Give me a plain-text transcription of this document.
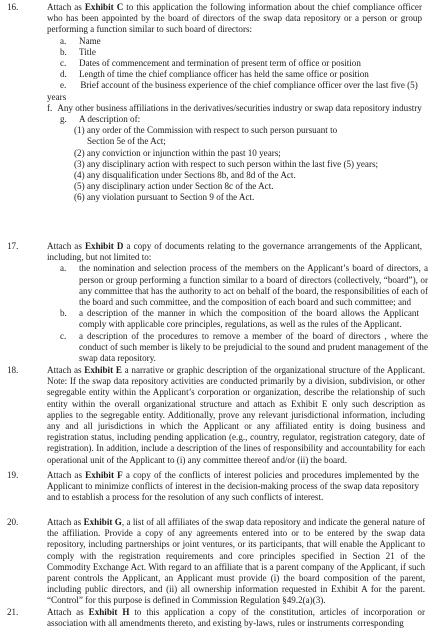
16.	Attach as Exhibit C to this application the following information about the chief compliance officer who has been appointed by the board of directors of the swap data repository or a person or group performing a function similar to such board of directors:

a. Name
b. Title
c. Dates of commencement and termination of present term of office or position
d. Length of time the chief compliance officer has held the same office or position
e. Brief account of the business experience of the chief compliance officer over the last five (5) years
f. Any other business affiliations in the derivatives/securities industry or swap data repository industry
g. A description of:
(1) any order of the Commission with respect to such person pursuant to Section 5e of the Act;
(2) any conviction or injunction within the past 10 years;
(3) any disciplinary action with respect to such person within the last five (5) years;
(4) any disqualification under Sections 8b, and 8d of the Act.
(5) any disciplinary action under Section 8c of the Act.
(6) any violation pursuant to Section 9 of the Act.
17.	Attach as Exhibit D a copy of documents relating to the governance arrangements of the Applicant, including, but not limited to:

a. the nomination and selection process of the members on the Applicant’s board of directors, a person or group performing a function similar to a board of directors (collectively, “board”), or any committee that has the authority to act on behalf of the board, the responsibilities of each of the board and such committee, and the composition of each board and such committee; and
b. a description of the manner in which the composition of the board allows the Applicant comply with applicable core principles, regulations, as well as the rules of the Applicant.
c. a description of the procedures to remove a member of the board of directors , where the conduct of such member is likely to be prejudicial to the sound and prudent management of the swap data repository.
18.	Attach as Exhibit E a narrative or graphic description of the organizational structure of the Applicant. Note: If the swap data repository activities are conducted primarily by a division, subdivision, or other segregable entity within the Applicant’s corporation or organization, describe the relationship of such entity within the overall organizational structure and attach as Exhibit E only such description as applies to the segregable entity. Additionally, prove any relevant jurisdictional information, including any and all jurisdictions in which the Applicant or any affiliated entity is doing business and registration status, including pending application (e.g., country, regulator, registration category, date of registration). In addition, include a description of the lines of responsibility and accountability for each operational unit of the Applicant to (i) any committee thereof and/or (ii) the board.

19.	Attach as Exhibit F a copy of the conflicts of interest policies and procedures implemented by the Applicant to minimize conflicts of interest in the decision-making process of the swap data repository and to establish a process for the resolution of any such conflicts of interest.

20.	Attach as Exhibit G, a list of all affiliates of the swap data repository and indicate the general nature of the affiliation. Provide a copy of any agreements entered into or to be entered by the swap data repository, including partnerships or joint ventures, or its participants, that will enable the Applicant to comply with the registration requirements and core principles specified in Section 21 of the Commodity Exchange Act. With regard to an affiliate that is a parent company of the Applicant, if such parent controls the Applicant, an Applicant must provide (i) the board composition of the parent, including public directors, and (ii) all ownership information requested in Exhibit A for the parent. “Control” for this purpose is defined in Commission Regulation §49.2(a)(3).

21.	Attach as Exhibit H to this application a copy of the constitution, articles of incorporation or association with all amendments thereto, and existing by-laws, rules or instruments corresponding
